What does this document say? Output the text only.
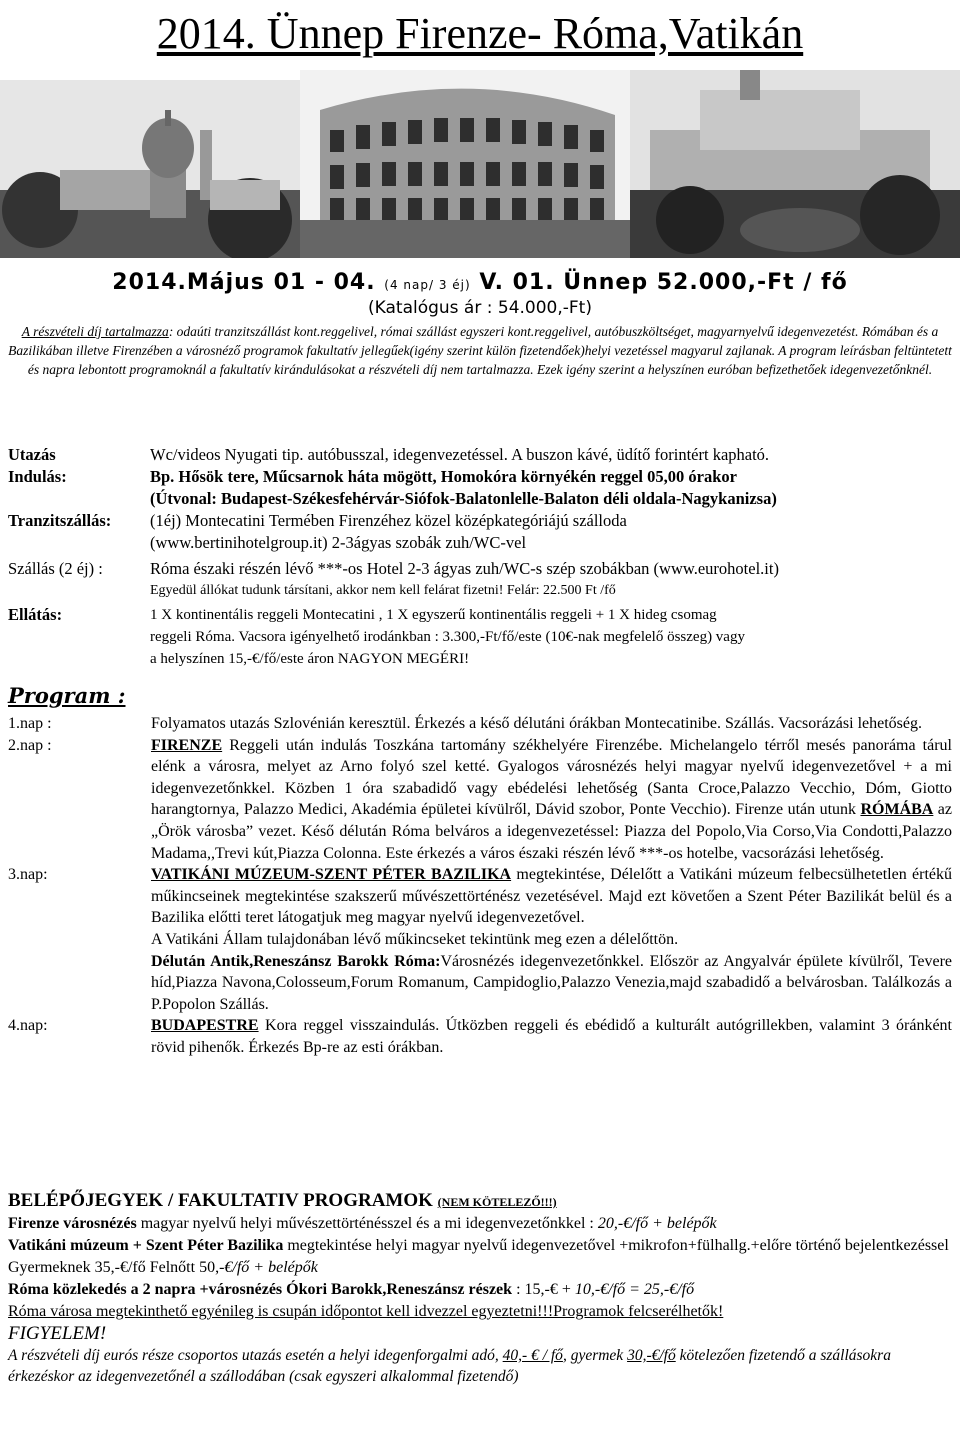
2014. Ünnep Firenze- Róma,Vatikán
2014.Május 01 - 04. (4 nap/ 3 éj) V. 01. Ünnep 52.000,-Ft / fő
(Katalógus ár : 54.000,-Ft)
A részvételi díj tartalmazza: odaúti tranzitszállást kont.reggelivel, római szállást egyszeri kont.reggelivel, autóbuszköltséget, magyarnyelvű idegenvezetést. Rómában és a Bazilikában illetve Firenzében a városnéző programok fakultatív jellegűek(igény szerint külön fizetendőek)helyi vezetéssel magyarul zajlanak. A program leírásban feltüntetett és napra lebontott programoknál a fakultatív kirándulásokat a részvételi díj nem tartalmazza. Ezek igény szerint a helyszínen euróban befizethetőek idegenvezetőnknél.
Utazás	Wc/videos Nyugati tip. autóbusszal, idegenvezetéssel. A buszon kávé, üdítő forintért kapható.
Indulás:	Bp. Hősök tere, Műcsarnok háta mögött, Homokóra környékén reggel 05,00 órakor
(Útvonal: Budapest-Székesfehérvár-Siófok-Balatonlelle-Balaton déli oldala-Nagykanizsa)
Tranzitszállás: (1éj) Montecatini Termében Firenzéhez közel középkategóriájú szálloda
(www.bertinihotelgroup.it) 2-3ágyas szobák zuh/WC-vel
Szállás (2 éj) :	Róma északi részén lévő ***-os Hotel 2-3 ágyas zuh/WC-s szép szobákban (www.eurohotel.it)
Egyedül állókat tudunk társítani, akkor nem kell felárat fizetni! Felár: 22.500 Ft /fő
Ellátás:	1 X kontinentális reggeli Montecatini , 1 X egyszerű kontinentális reggeli + 1 X hideg csomag
reggeli Róma. Vacsora igényelhető irodánkban : 3.300,-Ft/fő/este (10€-nak megfelelő összeg) vagy
a helyszínen 15,-€/fő/este áron NAGYON MEGÉRI!
Program :
1.nap :	Folyamatos utazás Szlovénián keresztül. Érkezés a késő délutáni órákban Montecatinibe. Szállás. Vacsorázási lehetőség.
2.nap :	FIRENZE Reggeli után indulás Toszkána tartomány székhelyére Firenzébe. Michelangelo térről mesés panoráma tárul elénk a városra, melyet az Arno folyó szel ketté. Gyalogos városnézés helyi magyar nyelvű idegenvezetővel + a mi idegenvezetőnkkel. Közben 1 óra szabadidő vagy ebédelési lehetőség (Santa Croce,Palazzo Vecchio, Dóm, Giotto harangtornya, Palazzo Medici, Akadémia épületei kívülről, Dávid szobor, Ponte Vecchio). Firenze után utunk RÓMÁBA az „Örök városba” vezet. Késő délután Róma belváros a idegenvezetéssel: Piazza del Popolo,Via Corso,Via Condotti,Palazzo Madama,,Trevi kút,Piazza Colonna. Este érkezés a város északi részén lévő ***-os hotelbe, vacsorázási lehetőség.
3.nap:	VATIKÁNI MÚZEUM-SZENT PÉTER BAZILIKA megtekintése, Délelőtt a Vatikáni múzeum felbecsülhetetlen értékű műkincseinek megtekintése szakszerű művészettörténész vezetésével. Majd ezt követően a Szent Péter Bazilikát belül és a Bazilika előtti teret látogatjuk meg magyar nyelvű idegenvezetővel.
A Vatikáni Állam tulajdonában lévő műkincseket tekintünk meg ezen a délelőttön.
Délután Antik,Reneszánsz Barokk Róma:Városnézés idegenvezetőnkkel. Először az Angyalvár épülete kívülről, Tevere híd,Piazza Navona,Colosseum,Forum Romanum, Campidoglio,Palazzo Venezia,majd szabadidő a belvárosban. Találkozás a P.Popolon Szállás.
4.nap:	BUDAPESTRE Kora reggel visszaindulás. Útközben reggeli és ebédidő a kulturált autógrillekben, valamint 3 óránként rövid pihenők. Érkezés Bp-re az esti órákban.
BELÉPŐJEGYEK / FAKULTATIV PROGRAMOK (NEM KÖTELEZŐ!!!)
Firenze városnézés magyar nyelvű helyi művészettörténésszel és a mi idegenvezetőnkkel : 20,-€/fő + belépők
Vatikáni múzeum + Szent Péter Bazilika megtekintése helyi magyar nyelvű idegenvezetővel +mikrofon+fülhallg.+előre történő bejelentkezéssel Gyermeknek 35,-€/fő Felnőtt 50,-€/fő + belépők
Róma közlekedés a 2 napra +városnézés Ókori Barokk,Reneszánsz részek : 15,-€ + 10,-€/fő = 25,-€/fő
Róma városa megtekinthető egyénileg is csupán időpontot kell idvezzel egyeztetni!!!Programok felcserélhetők!
FIGYELEM!
A részvételi díj eurós része csoportos utazás esetén a helyi idegenforgalmi adó, 40,- € / fő, gyermek 30,-€/fő kötelezően fizetendő a szállásokra érkezéskor az idegenvezetőnél a szállodában (csak egyszeri alkalommal fizetendő)
